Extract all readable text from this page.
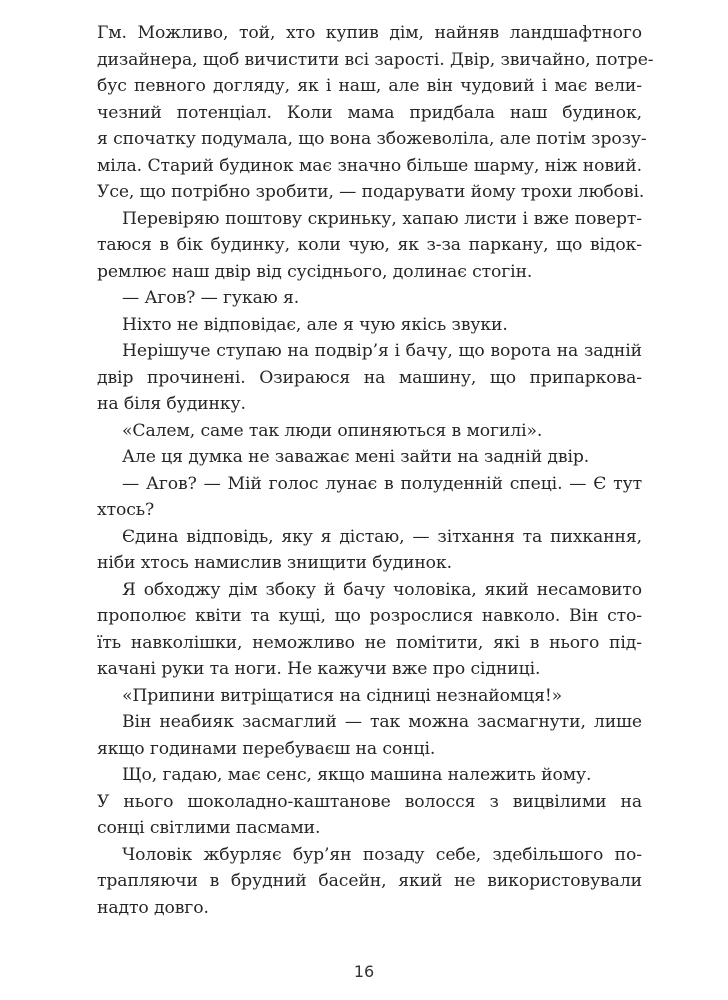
Гм. Можливо, той, хто купив дім, найняв ландшафтного
дизайнера, щоб вичистити всі зарості. Двір, звичайно, потре-
бус певного догляду, як і наш, але він чудовий і має вели-
чезний потенціал. Коли мама придбала наш будинок,
я спочатку подумала, що вона збожеволіла, але потім зрозу-
міла. Старий будинок має значно більше шарму, ніж новий.
Усе, що потрібно зробити, — подарувати йому трохи любові.
Перевіряю поштову скриньку, хапаю листи і вже поверт-
таюся в бік будинку, коли чую, як з-за паркану, що відок-
ремлює наш двір від сусіднього, долинає стогін.
— Агов? — гукаю я.
Ніхто не відповідає, але я чую якісь звуки.
Нерішуче ступаю на подвір’я і бачу, що ворота на задній
двір прочинені. Озираюся на машину, що припаркова-
на біля будинку.
«Салем, саме так люди опиняються в могилі».
Але ця думка не заважає мені зайти на задній двір.
— Агов? — Мій голос лунає в полуденній спеці. — Є тут
хтось?
Єдина відповідь, яку я дістаю, — зітхання та пихкання,
ніби хтось намислив знищити будинок.
Я обходжу дім збоку й бачу чоловіка, який несамовито
прополює квіти та кущі, що розрослися навколо. Він сто-
їть навколішки, неможливо не помітити, які в нього під-
качані руки та ноги. Не кажучи вже про сідниці.
«Припини витріщатися на сідниці незнайомця!»
Він неабияк засмаглий — так можна засмагнути, лише
якщо годинами перебуваєш на сонці.
Що, гадаю, має сенс, якщо машина належить йому.
У нього шоколадно-каштанове волосся з вицвілими на
сонці світлими пасмами.
Чоловік жбурляє бур’ян позаду себе, здебільшого по-
трапляючи в брудний басейн, який не використовували
надто довго.
16
